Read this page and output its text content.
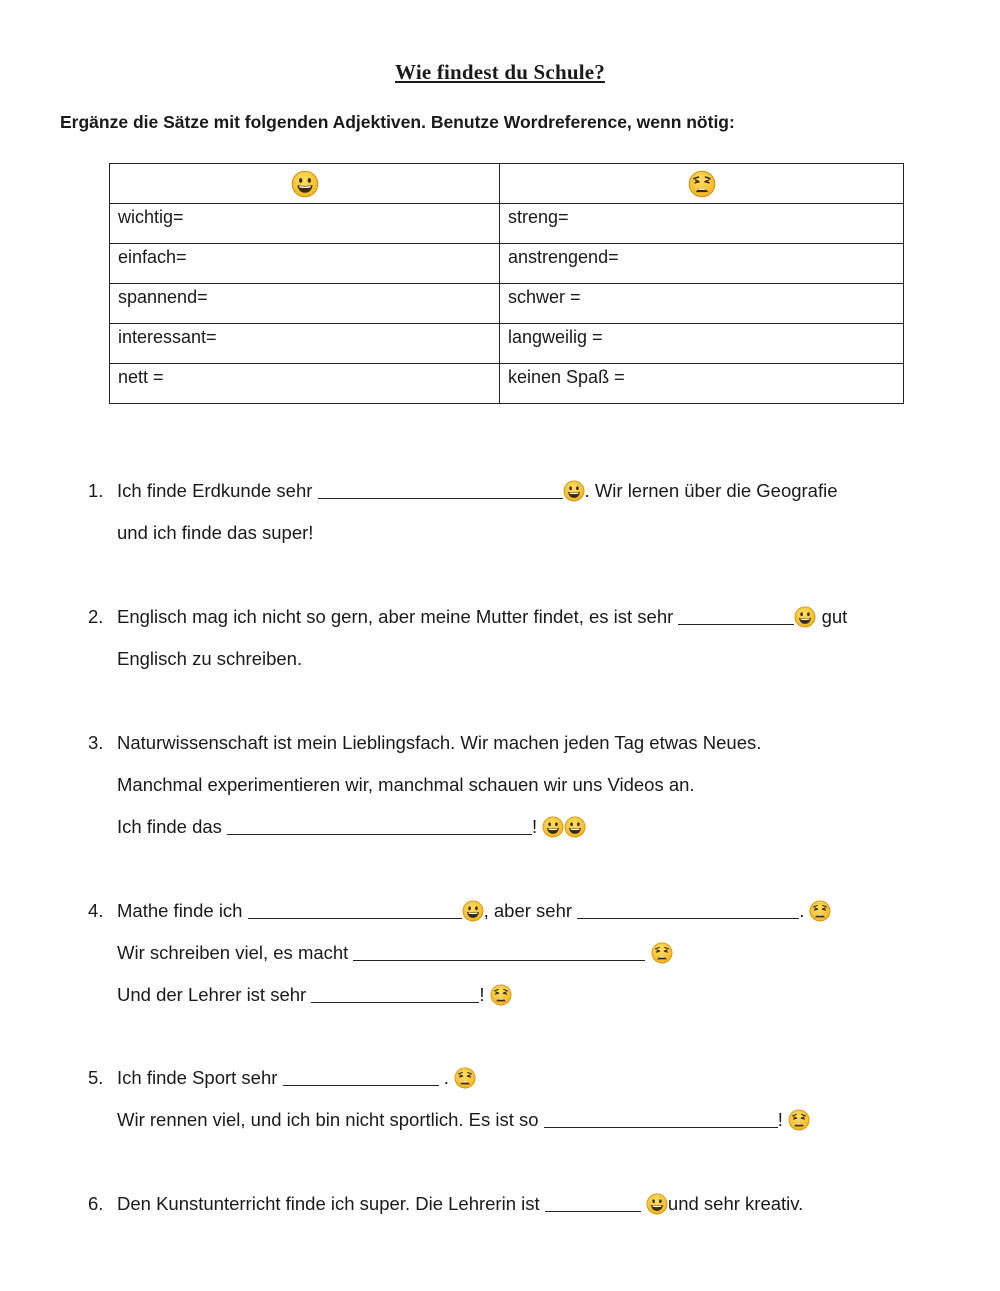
Wie findest du Schule?
Ergänze die Sätze mit folgenden Adjektiven. Benutze Wordreference, wenn nötig:

wichtig=	streng=
einfach=	anstrengend=
spannend=	schwer =
interessant=	langweilig =
nett =	keinen Spaß =
1. Ich finde Erdkunde sehr	. Wir lernen über die Geografie
und ich finde das super!
2. Englisch mag ich nicht so gern, aber meine Mutter findet, es ist sehr	gut
Englisch zu schreiben.
3. Naturwissenschaft ist mein Lieblingsfach. Wir machen jeden Tag etwas Neues.
Manchmal experimentieren wir, manchmal schauen wir uns Videos an.
Ich finde das	!
4. Mathe finde ich	, aber sehr	.
Wir schreiben viel, es macht
Und der Lehrer ist sehr	!
5. Ich finde Sport sehr	.
Wir rennen viel, und ich bin nicht sportlich. Es ist so	!
6. Den Kunstunterricht finde ich super. Die Lehrerin ist	und sehr kreativ.
